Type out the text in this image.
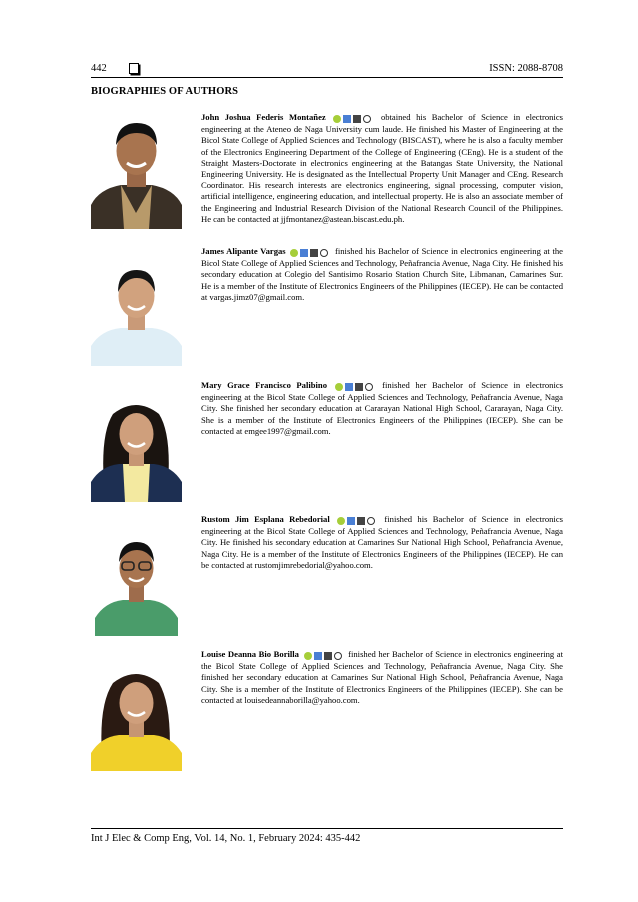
442	ISSN: 2088-8708
BIOGRAPHIES OF AUTHORS
John Joshua Federis Montañez	obtained his Bachelor of Science in electronics engineering at the Ateneo de Naga University cum laude. He finished his Master of Engineering at the Bicol State College of Applied Sciences and Technology (BISCAST), where he is also a faculty member of the Electronics Engineering Department of the College of Engineering (CEng). He is a student of the Straight Masters-Doctorate in electronics engineering at the Batangas State University, the National Engineering University. He is designated as the Intellectual Property Unit Manager and CEng. Research Coordinator. His research interests are electronics engineering, signal processing, computer vision, artificial intelligence, engineering education, and intellectual property. He is also an associate member of the Engineering and Industrial Research Division of the National Research Council of the Philippines. He can be contacted at jjfmontanez@astean.biscast.edu.ph.
James Alipante Vargas	finished his Bachelor of Science in electronics engineering at the Bicol State College of Applied Sciences and Technology, Peñafrancia Avenue, Naga City. He finished his secondary education at Colegio del Santisimo Rosario Station Church Site, Libmanan, Camarines Sur. He is a member of the Institute of Electronics Engineers of the Philippines (IECEP). He can be contacted at vargas.jimz07@gmail.com.
Mary Grace Francisco Palibino	finished her Bachelor of Science in electronics engineering at the Bicol State College of Applied Sciences and Technology, Peñafrancia Avenue, Naga City. She finished her secondary education at Cararayan National High School, Cararayan, Naga City. She is a member of the Institute of Electronics Engineers of the Philippines (IECEP). She can be contacted at emgee1997@gmail.com.
Rustom Jim Esplana Rebedorial	finished his Bachelor of Science in electronics engineering at the Bicol State College of Applied Sciences and Technology, Peñafrancia Avenue, Naga City. He finished his secondary education at Camarines Sur National High School, Peñafrancia Avenue, Naga City. He is a member of the Institute of Electronics Engineers of the Philippines (IECEP). He can be contacted at rustomjimrebedorial@yahoo.com.
Louise Deanna Bio Borilla	finished her Bachelor of Science in electronics engineering at the Bicol State College of Applied Sciences and Technology, Peñafrancia Avenue, Naga City. She finished her secondary education at Camarines Sur National High School, Peñafrancia Avenue, Naga City. She is a member of the Institute of Electronics Engineers of the Philippines (IECEP). She can be contacted at louisedeannaborilla@yahoo.com.
Int J Elec & Comp Eng, Vol. 14, No. 1, February 2024: 435-442
